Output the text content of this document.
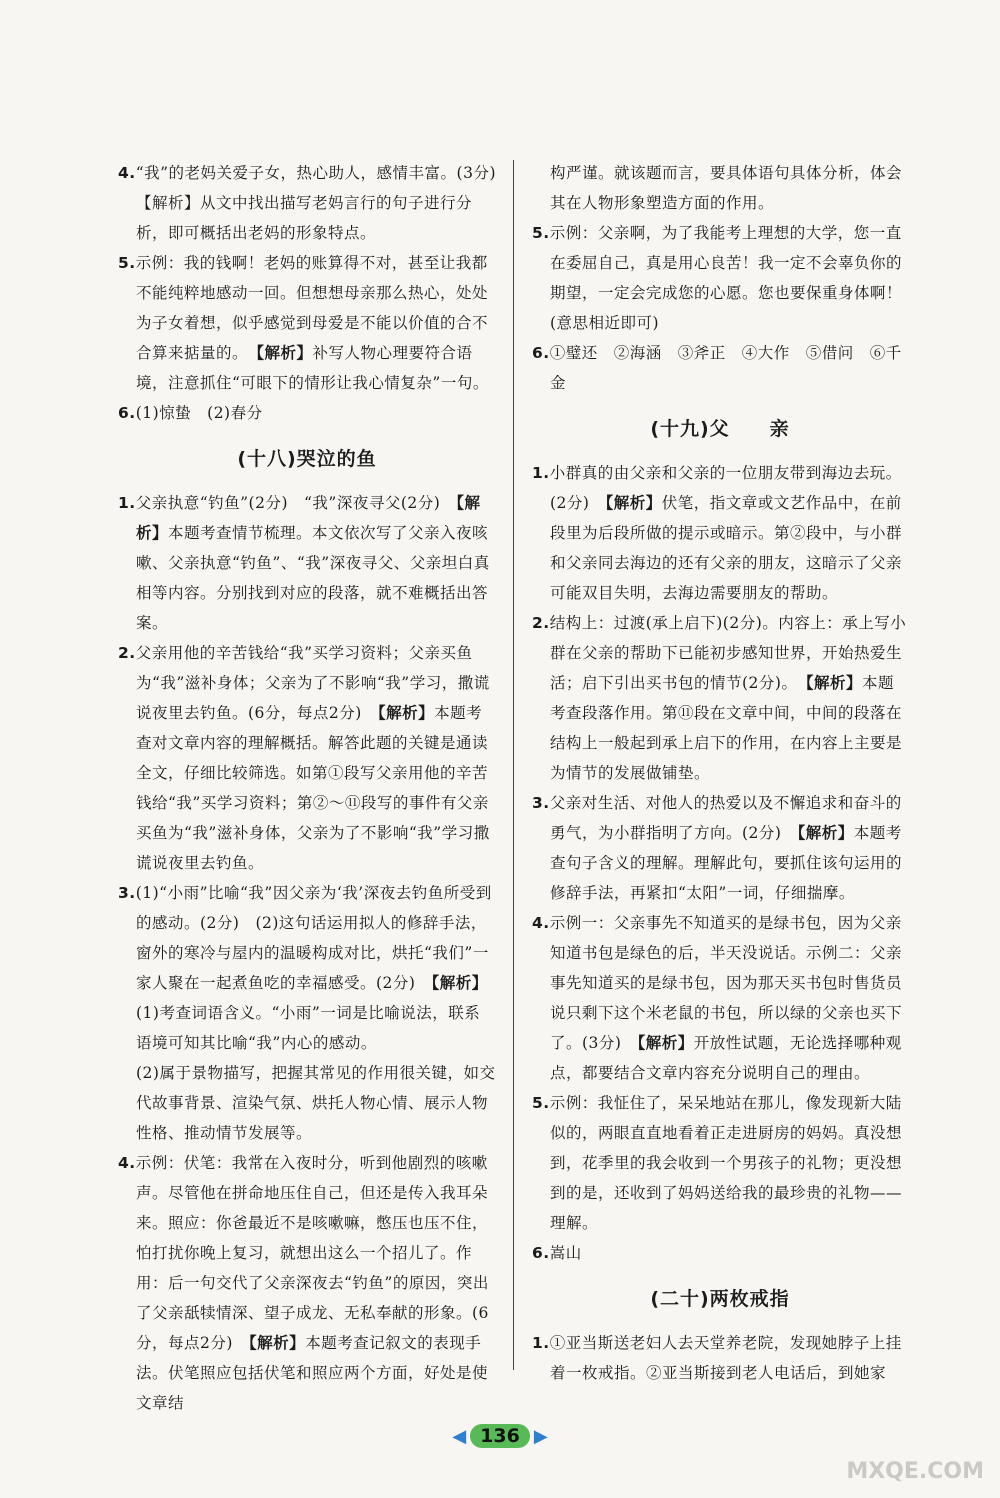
4.“我”的老妈关爱子女，热心助人，感情丰富。(3分)

【解析】从文中找出描写老妈言行的句子进行分析，即可概括出老妈的形象特点。

5.示例：我的钱啊！老妈的账算得不对，甚至让我都不能纯粹地感动一回。但想想母亲那么热心，处处为子女着想，似乎感觉到母爱是不能以价值的合不合算来掂量的。　【解析】补写人物心理要符合语境，注意抓住“可眼下的情形让我心情复杂”一句。

6.(1)惊蛰　(2)春分

(十八)哭泣的鱼

1.父亲执意“钓鱼”(2分)　“我”深夜寻父(2分)　【解析】本题考查情节梳理。本文依次写了父亲入夜咳嗽、父亲执意“钓鱼”、“我”深夜寻父、父亲坦白真相等内容。分别找到对应的段落，就不难概括出答案。

2.父亲用他的辛苦钱给“我”买学习资料；父亲买鱼为“我”滋补身体；父亲为了不影响“我”学习，撒谎说夜里去钓鱼。(6分，每点2分)　【解析】本题考查对文章内容的理解概括。解答此题的关键是通读全文，仔细比较筛选。如第①段写父亲用他的辛苦钱给“我”买学习资料；第②～⑪段写的事件有父亲买鱼为“我”滋补身体，父亲为了不影响“我”学习撒谎说夜里去钓鱼。

3.(1)“小雨”比喻“我”因父亲为‘我’深夜去钓鱼所受到的感动。(2分)　(2)这句话运用拟人的修辞手法，窗外的寒冷与屋内的温暖构成对比，烘托“我们”一家人聚在一起煮鱼吃的幸福感受。(2分)　【解析】(1)考查词语含义。“小雨”一词是比喻说法，联系语境可知其比喻“我”内心的感动。

(2)属于景物描写，把握其常见的作用很关键，如交代故事背景、渲染气氛、烘托人物心情、展示人物性格、推动情节发展等。

4.示例：伏笔：我常在入夜时分，听到他剧烈的咳嗽声。尽管他在拼命地压住自己，但还是传入我耳朵来。照应：你爸最近不是咳嗽嘛，憋压也压不住，怕打扰你晚上复习，就想出这么一个招儿了。作用：后一句交代了父亲深夜去“钓鱼”的原因，突出了父亲舐犊情深、望子成龙、无私奉献的形象。(6分，每点2分)　【解析】本题考查记叙文的表现手法。伏笔照应包括伏笔和照应两个方面，好处是使文章结

构严谨。就该题而言，要具体语句具体分析，体会其在人物形象塑造方面的作用。

5.示例：父亲啊，为了我能考上理想的大学，您一直在委屈自己，真是用心良苦！我一定不会辜负你的期望，一定会完成您的心愿。您也要保重身体啊！(意思相近即可)

6.①璧还　②海涵　③斧正　④大作　⑤借问　⑥千金

(十九)父　　亲

1.小群真的由父亲和父亲的一位朋友带到海边去玩。(2分)　【解析】伏笔，指文章或文艺作品中，在前段里为后段所做的提示或暗示。第②段中，与小群和父亲同去海边的还有父亲的朋友，这暗示了父亲可能双目失明，去海边需要朋友的帮助。

2.结构上：过渡(承上启下)(2分)。内容上：承上写小群在父亲的帮助下已能初步感知世界，开始热爱生活；启下引出买书包的情节(2分)。　【解析】本题考查段落作用。第⑪段在文章中间，中间的段落在结构上一般起到承上启下的作用，在内容上主要是为情节的发展做铺垫。

3.父亲对生活、对他人的热爱以及不懈追求和奋斗的勇气，为小群指明了方向。(2分)　【解析】本题考查句子含义的理解。理解此句，要抓住该句运用的修辞手法，再紧扣“太阳”一词，仔细揣摩。

4.示例一：父亲事先不知道买的是绿书包，因为父亲知道书包是绿色的后，半天没说话。示例二：父亲事先知道买的是绿书包，因为那天买书包时售货员说只剩下这个米老鼠的书包，所以绿的父亲也买下了。(3分)　【解析】开放性试题，无论选择哪种观点，都要结合文章内容充分说明自己的理由。

5.示例：我怔住了，呆呆地站在那儿，像发现新大陆似的，两眼直直地看着正走进厨房的妈妈。真没想到，花季里的我会收到一个男孩子的礼物；更没想到的是，还收到了妈妈送给我的最珍贵的礼物——理解。

6.嵩山

(二十)两枚戒指

1.①亚当斯送老妇人去天堂养老院，发现她脖子上挂着一枚戒指。②亚当斯接到老人电话后，到她家

◀ 136 ▶
MXQE.COM
